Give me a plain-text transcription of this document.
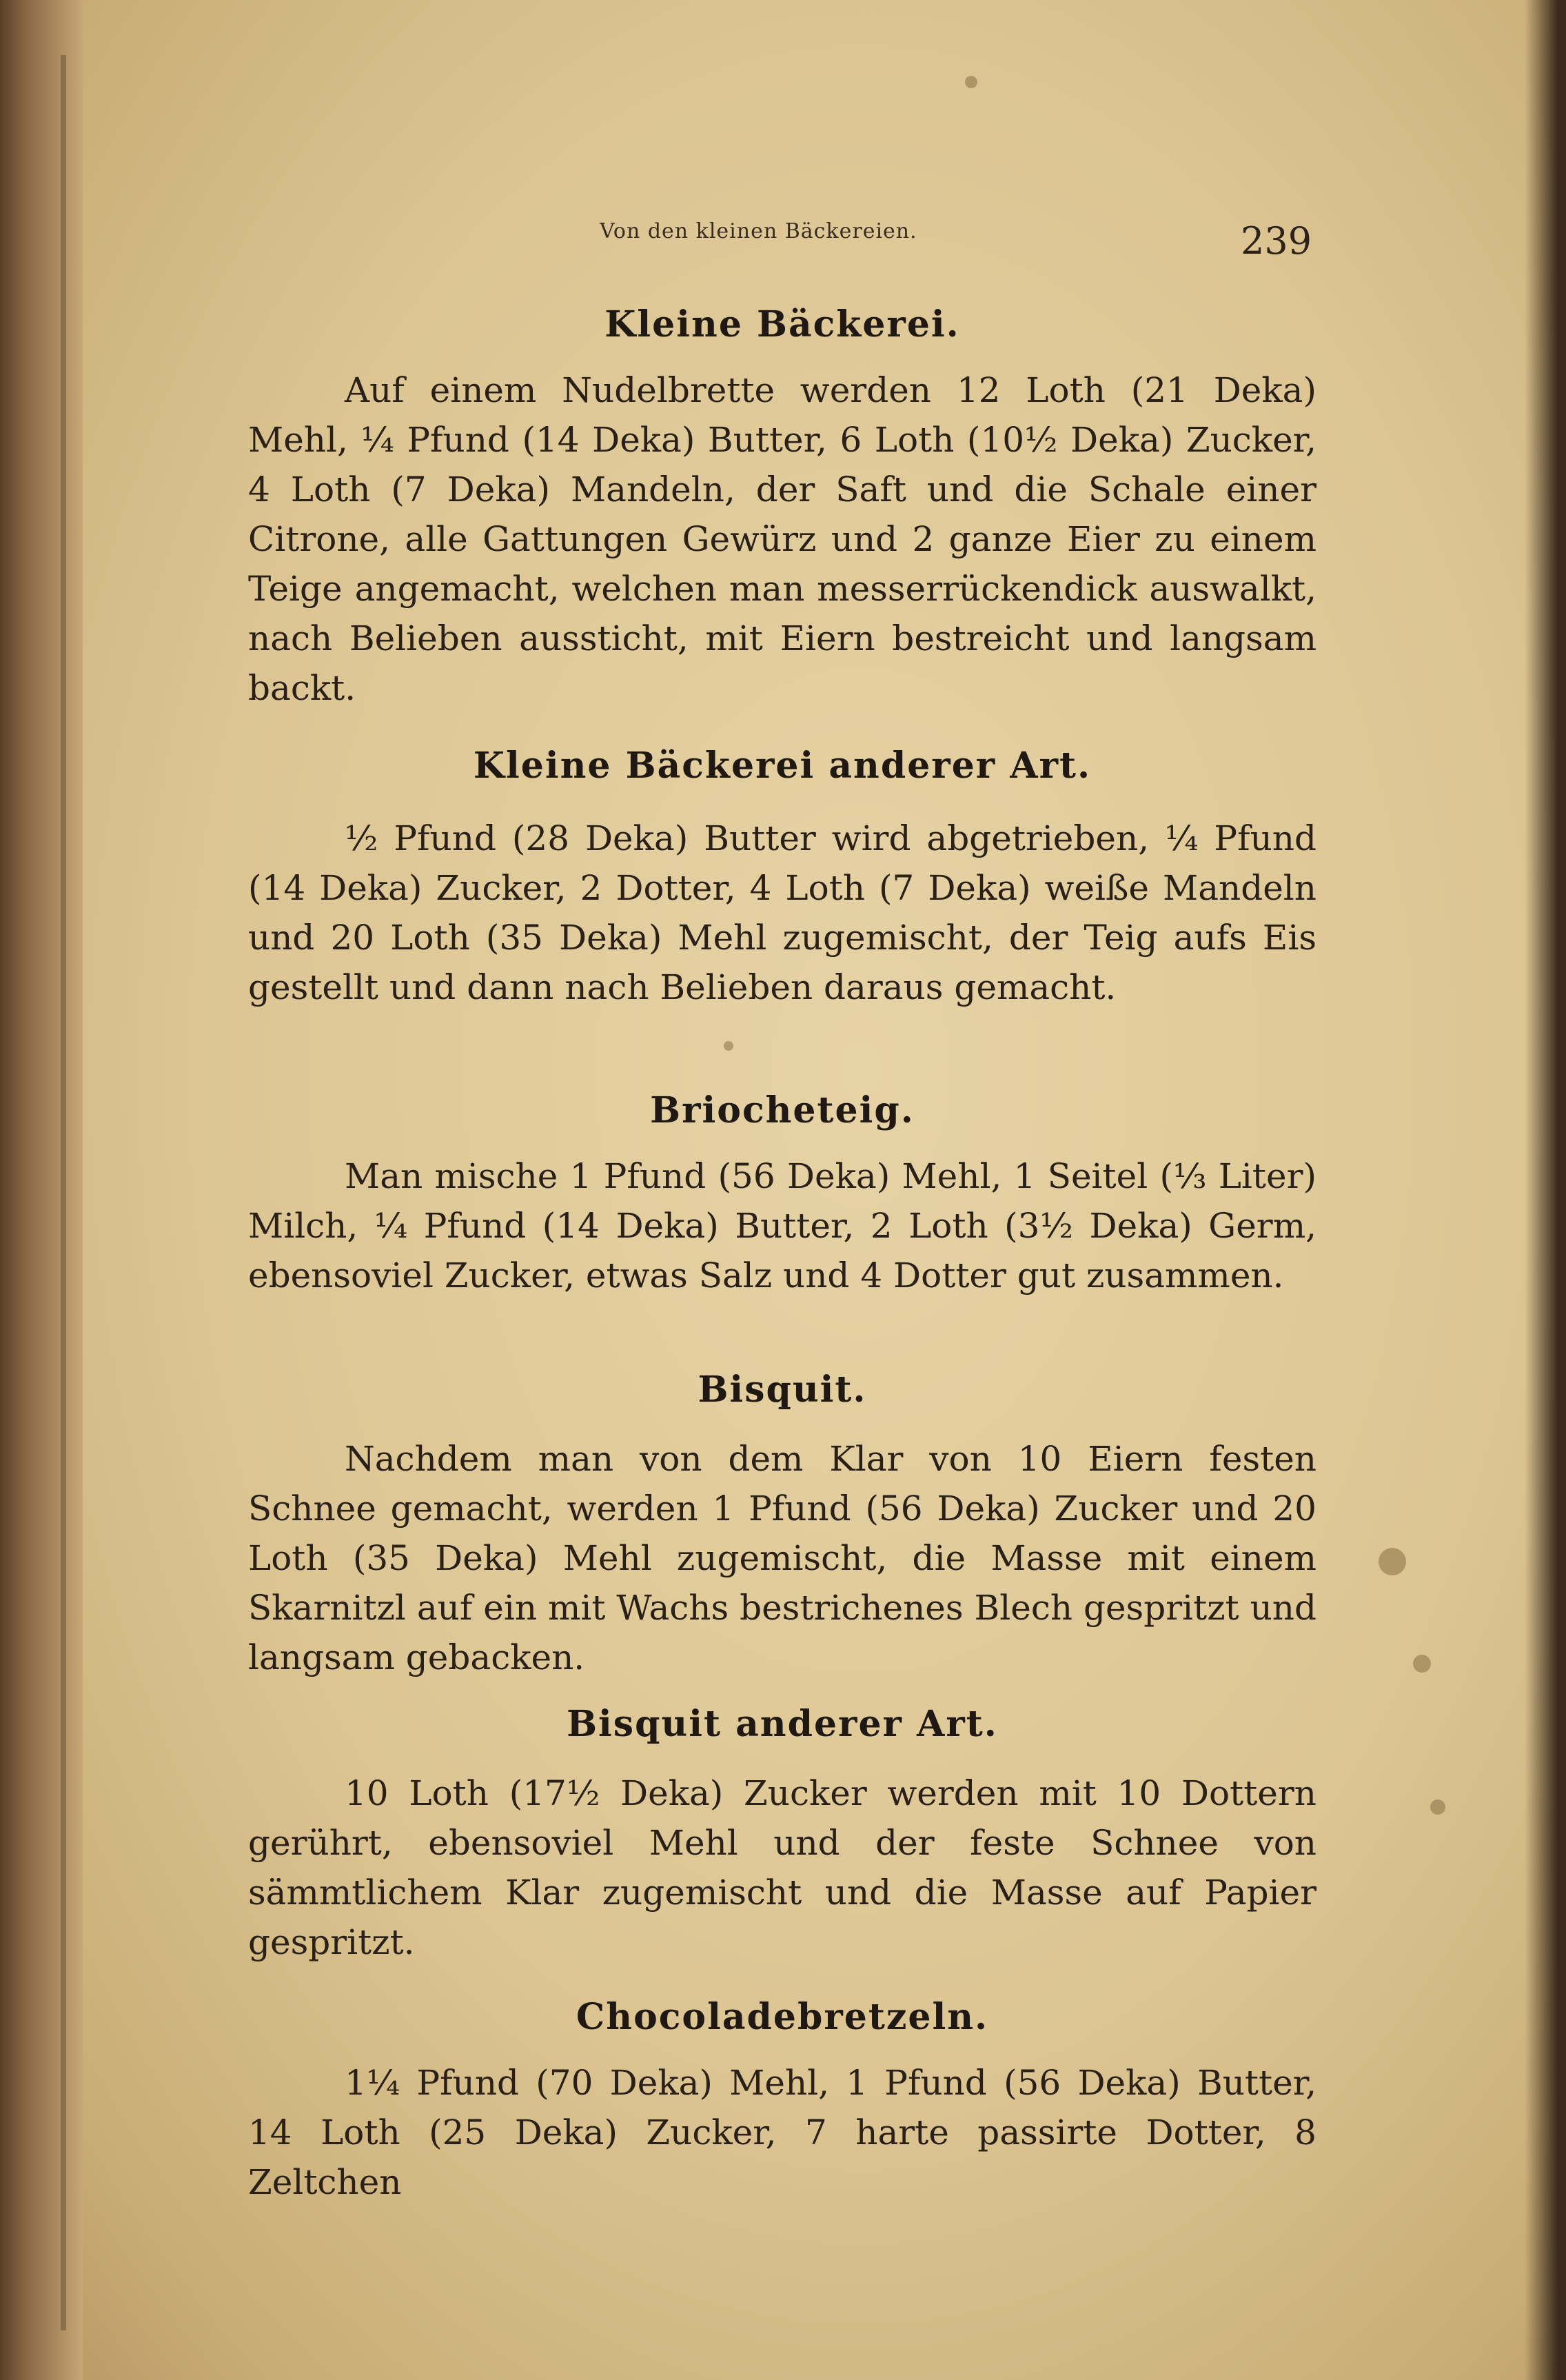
Von den kleinen Bäckereien.	239
Kleine Bäckerei.

Auf einem Nudelbrette werden 12 Loth (21 Deka) Mehl, ¼ Pfund (14 Deka) Butter, 6 Loth (10½ Deka) Zucker, 4 Loth (7 Deka) Mandeln, der Saft und die Schale einer Citrone, alle Gattungen Gewürz und 2 ganze Eier zu einem Teige angemacht, welchen man messerrückendick auswalkt, nach Belieben aussticht, mit Eiern bestreicht und langsam backt.

Kleine Bäckerei anderer Art.

½ Pfund (28 Deka) Butter wird abgetrieben, ¼ Pfund (14 Deka) Zucker, 2 Dotter, 4 Loth (7 Deka) weiße Mandeln und 20 Loth (35 Deka) Mehl zugemischt, der Teig aufs Eis gestellt und dann nach Belieben daraus gemacht.

Briocheteig.

Man mische 1 Pfund (56 Deka) Mehl, 1 Seitel (⅓ Liter) Milch, ¼ Pfund (14 Deka) Butter, 2 Loth (3½ Deka) Germ, ebensoviel Zucker, etwas Salz und 4 Dotter gut zusammen.

Bisquit.

Nachdem man von dem Klar von 10 Eiern festen Schnee gemacht, werden 1 Pfund (56 Deka) Zucker und 20 Loth (35 Deka) Mehl zugemischt, die Masse mit einem Skarnitzl auf ein mit Wachs bestrichenes Blech gespritzt und langsam gebacken.

Bisquit anderer Art.

10 Loth (17½ Deka) Zucker werden mit 10 Dottern gerührt, ebensoviel Mehl und der feste Schnee von sämmtlichem Klar zugemischt und die Masse auf Papier gespritzt.

Chocoladebretzeln.

1¼ Pfund (70 Deka) Mehl, 1 Pfund (56 Deka) Butter, 14 Loth (25 Deka) Zucker, 7 harte passirte Dotter, 8 Zeltchen
